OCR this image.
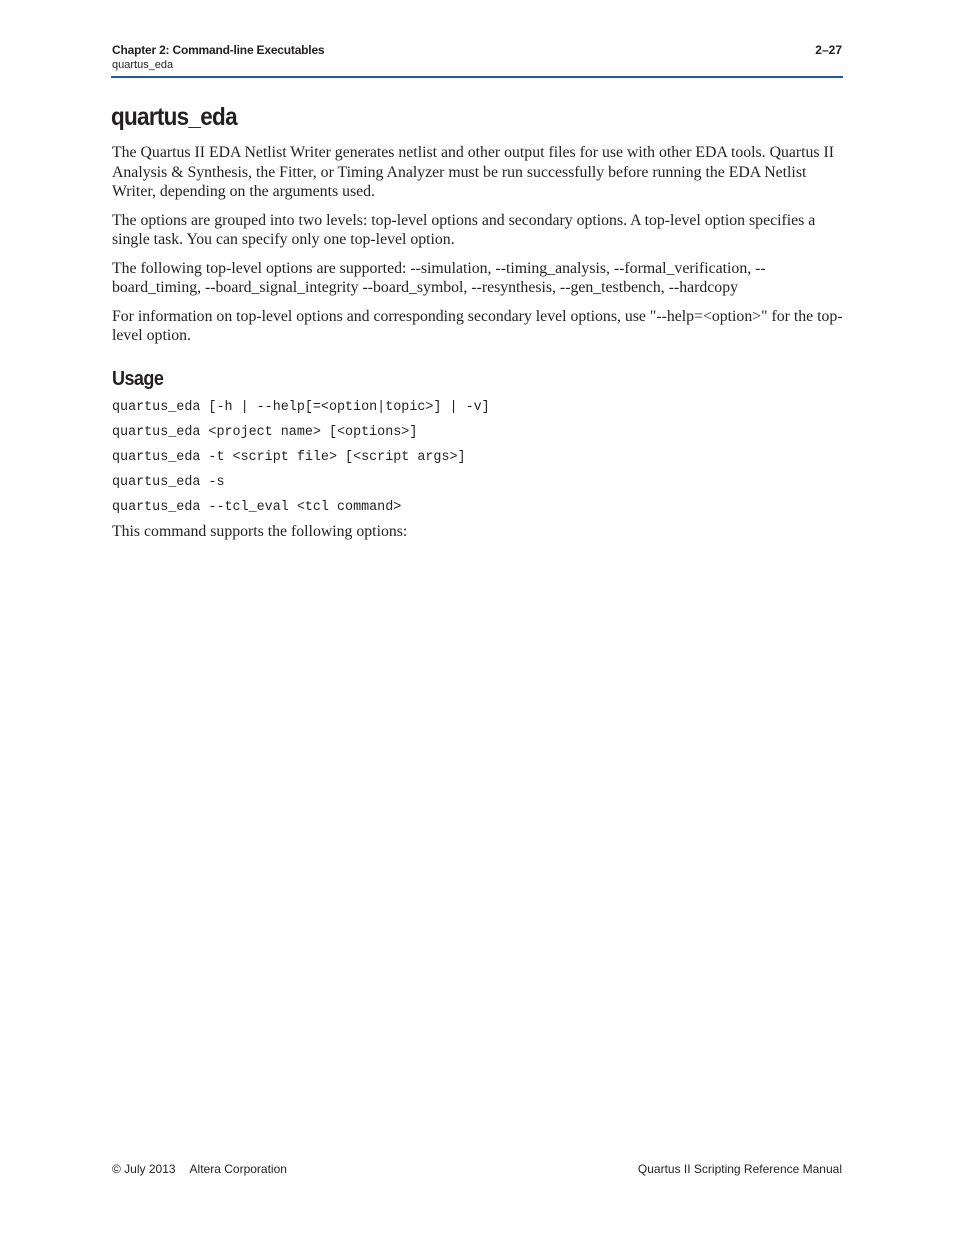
Chapter 2: Command-line Executables
quartus_eda
2–27
quartus_eda

The Quartus II EDA Netlist Writer generates netlist and other output files for use with other EDA tools. Quartus II Analysis & Synthesis, the Fitter, or Timing Analyzer must be run successfully before running the EDA Netlist Writer, depending on the arguments used.

The options are grouped into two levels: top-level options and secondary options. A top-level option specifies a single task. You can specify only one top-level option.

The following top-level options are supported: --simulation, --timing_analysis, --formal_verification, --board_timing, --board_signal_integrity --board_symbol, --resynthesis, --gen_testbench, --hardcopy

For information on top-level options and corresponding secondary level options, use "--help=<option>" for the top-level option.

Usage
quartus_eda [-h | --help[=<option|topic>] | -v]
quartus_eda <project name> [<options>]
quartus_eda -t <script file> [<script args>]
quartus_eda -s
quartus_eda --tcl_eval <tcl command>

This command supports the following options:

© July 2013 Altera Corporation	Quartus II Scripting Reference Manual
